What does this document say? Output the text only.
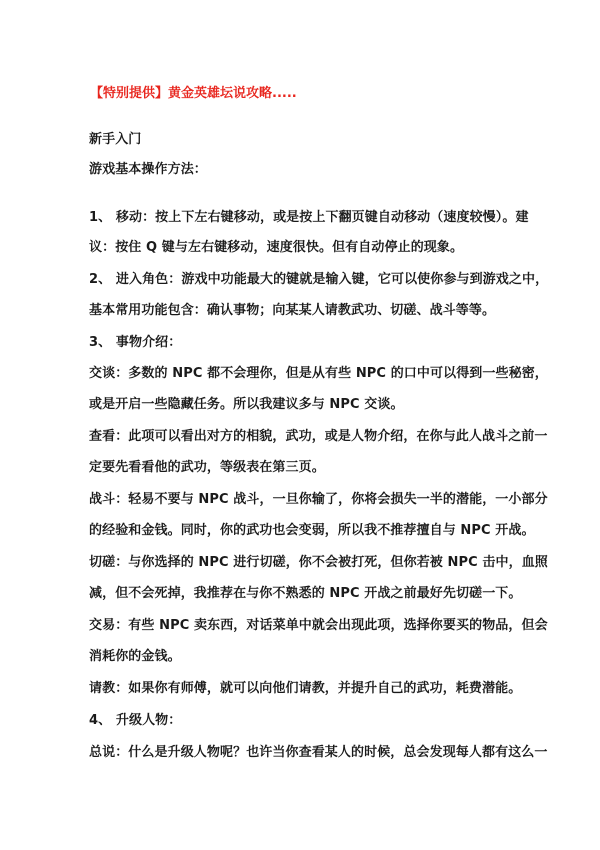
【特别提供】黄金英雄坛说攻略.....
新手入门
游戏基本操作方法：
1、 移动：按上下左右键移动，或是按上下翻页键自动移动（速度较慢）。建
议：按住 Q 键与左右键移动，速度很快。但有自动停止的现象。
2、 进入角色：游戏中功能最大的键就是输入键，它可以使你参与到游戏之中，
基本常用功能包含：确认事物；向某某人请教武功、切磋、战斗等等。
3、 事物介绍：
交谈：多数的 NPC 都不会理你，但是从有些 NPC 的口中可以得到一些秘密，
或是开启一些隐藏任务。所以我建议多与 NPC 交谈。
查看：此项可以看出对方的相貌，武功，或是人物介绍，在你与此人战斗之前一
定要先看看他的武功，等级表在第三页。
战斗：轻易不要与 NPC 战斗，一旦你输了，你将会损失一半的潜能，一小部分
的经验和金钱。同时，你的武功也会变弱，所以我不推荐擅自与 NPC 开战。
切磋：与你选择的 NPC 进行切磋，你不会被打死，但你若被 NPC 击中，血照
减，但不会死掉，我推荐在与你不熟悉的 NPC 开战之前最好先切磋一下。
交易：有些 NPC 卖东西，对话菜单中就会出现此项，选择你要买的物品，但会
消耗你的金钱。
请教：如果你有师傅，就可以向他们请教，并提升自己的武功，耗费潜能。
4、 升级人物：
总说：什么是升级人物呢？也许当你查看某人的时候，总会发现每人都有这么一
